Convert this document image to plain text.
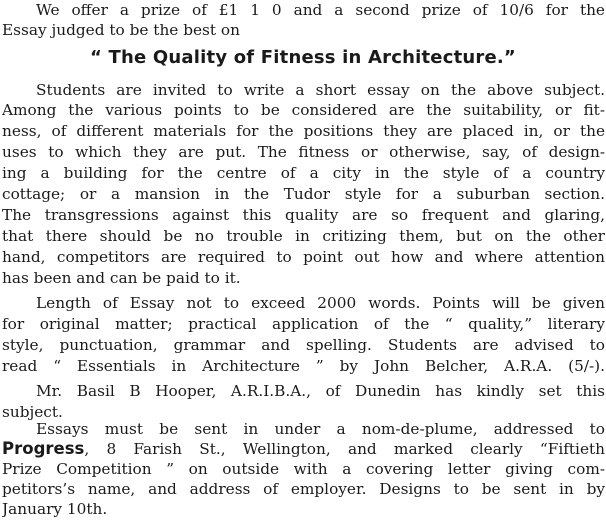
We offer a prize of £1 1 0 and a second prize of 10/6 for the

Essay judged to be the best on

“ The Quality of Fitness in Architecture.”

Students are invited to write a short essay on the above subject.

Among the various points to be considered are the suitability, or fit-

ness, of different materials for the positions they are placed in, or the

uses to which they are put. The fitness or otherwise, say, of design-

ing a building for the centre of a city in the style of a country

cottage; or a mansion in the Tudor style for a suburban section.

The transgressions against this quality are so frequent and glaring,

that there should be no trouble in critizing them, but on the other

hand, competitors are required to point out how and where attention

has been and can be paid to it.

Length of Essay not to exceed 2000 words. Points will be given

for original matter; practical application of the “ quality,” literary

style, punctuation, grammar and spelling. Students are advised to

read “ Essentials in Architecture ” by John Belcher, A.R.A. (5/-).

Mr. Basil B Hooper, A.R.I.B.A., of Dunedin has kindly set this

subject.

Essays must be sent in under a nom-de-plume, addressed to

Progress, 8 Farish St., Wellington, and marked clearly “Fiftieth

Prize Competition ” on outside with a covering letter giving com-

petitors’s name, and address of employer. Designs to be sent in by

January 10th.
